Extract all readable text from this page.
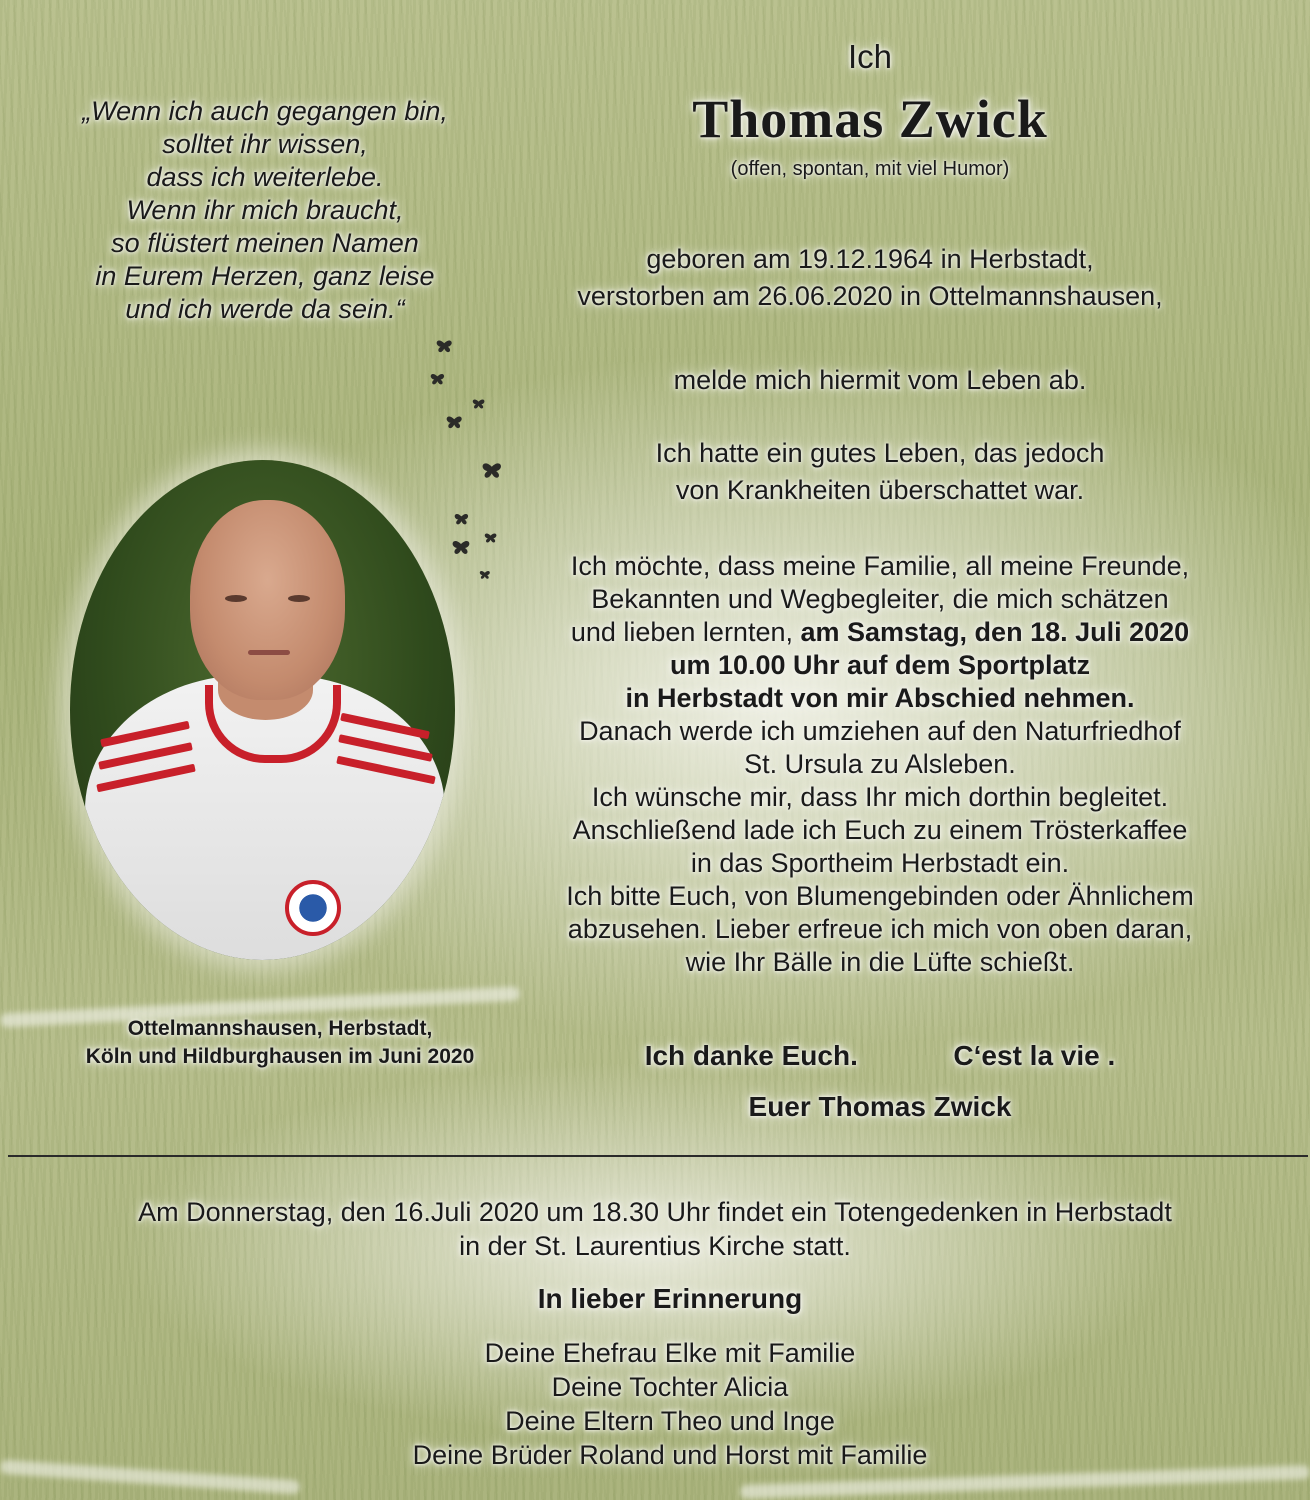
„Wenn ich auch gegangen bin,
solltet ihr wissen,
dass ich weiterlebe.
Wenn ihr mich braucht,
so flüstert meinen Namen
in Eurem Herzen, ganz leise
und ich werde da sein.“
Ich
Thomas Zwick
(offen, spontan, mit viel Humor)
geboren am 19.12.1964 in Herbstadt,
verstorben am 26.06.2020 in Ottelmannshausen,
melde mich hiermit vom Leben ab.
Ich hatte ein gutes Leben, das jedoch
von Krankheiten überschattet war.
Ich möchte, dass meine Familie, all meine Freunde,
Bekannten und Wegbegleiter, die mich schätzen
und lieben lernten, am Samstag, den 18. Juli 2020
um 10.00 Uhr auf dem Sportplatz
in Herbstadt von mir Abschied nehmen.
Danach werde ich umziehen auf den Naturfriedhof
St. Ursula zu Alsleben.
Ich wünsche mir, dass Ihr mich dorthin begleitet.
Anschließend lade ich Euch zu einem Trösterkaffee
in das Sportheim Herbstadt ein.
Ich bitte Euch, von Blumengebinden oder Ähnlichem
abzusehen. Lieber erfreue ich mich von oben daran,
wie Ihr Bälle in die Lüfte schießt.
Ich danke Euch.	C‘est la vie .
Euer Thomas Zwick
Ottelmannshausen, Herbstadt,
Köln und Hildburghausen im Juni 2020
Am Donnerstag, den 16.Juli 2020 um 18.30 Uhr findet ein Totengedenken in Herbstadt
in der St. Laurentius Kirche statt.
In lieber Erinnerung
Deine Ehefrau Elke mit Familie
Deine Tochter Alicia
Deine Eltern Theo und Inge
Deine Brüder Roland und Horst mit Familie
